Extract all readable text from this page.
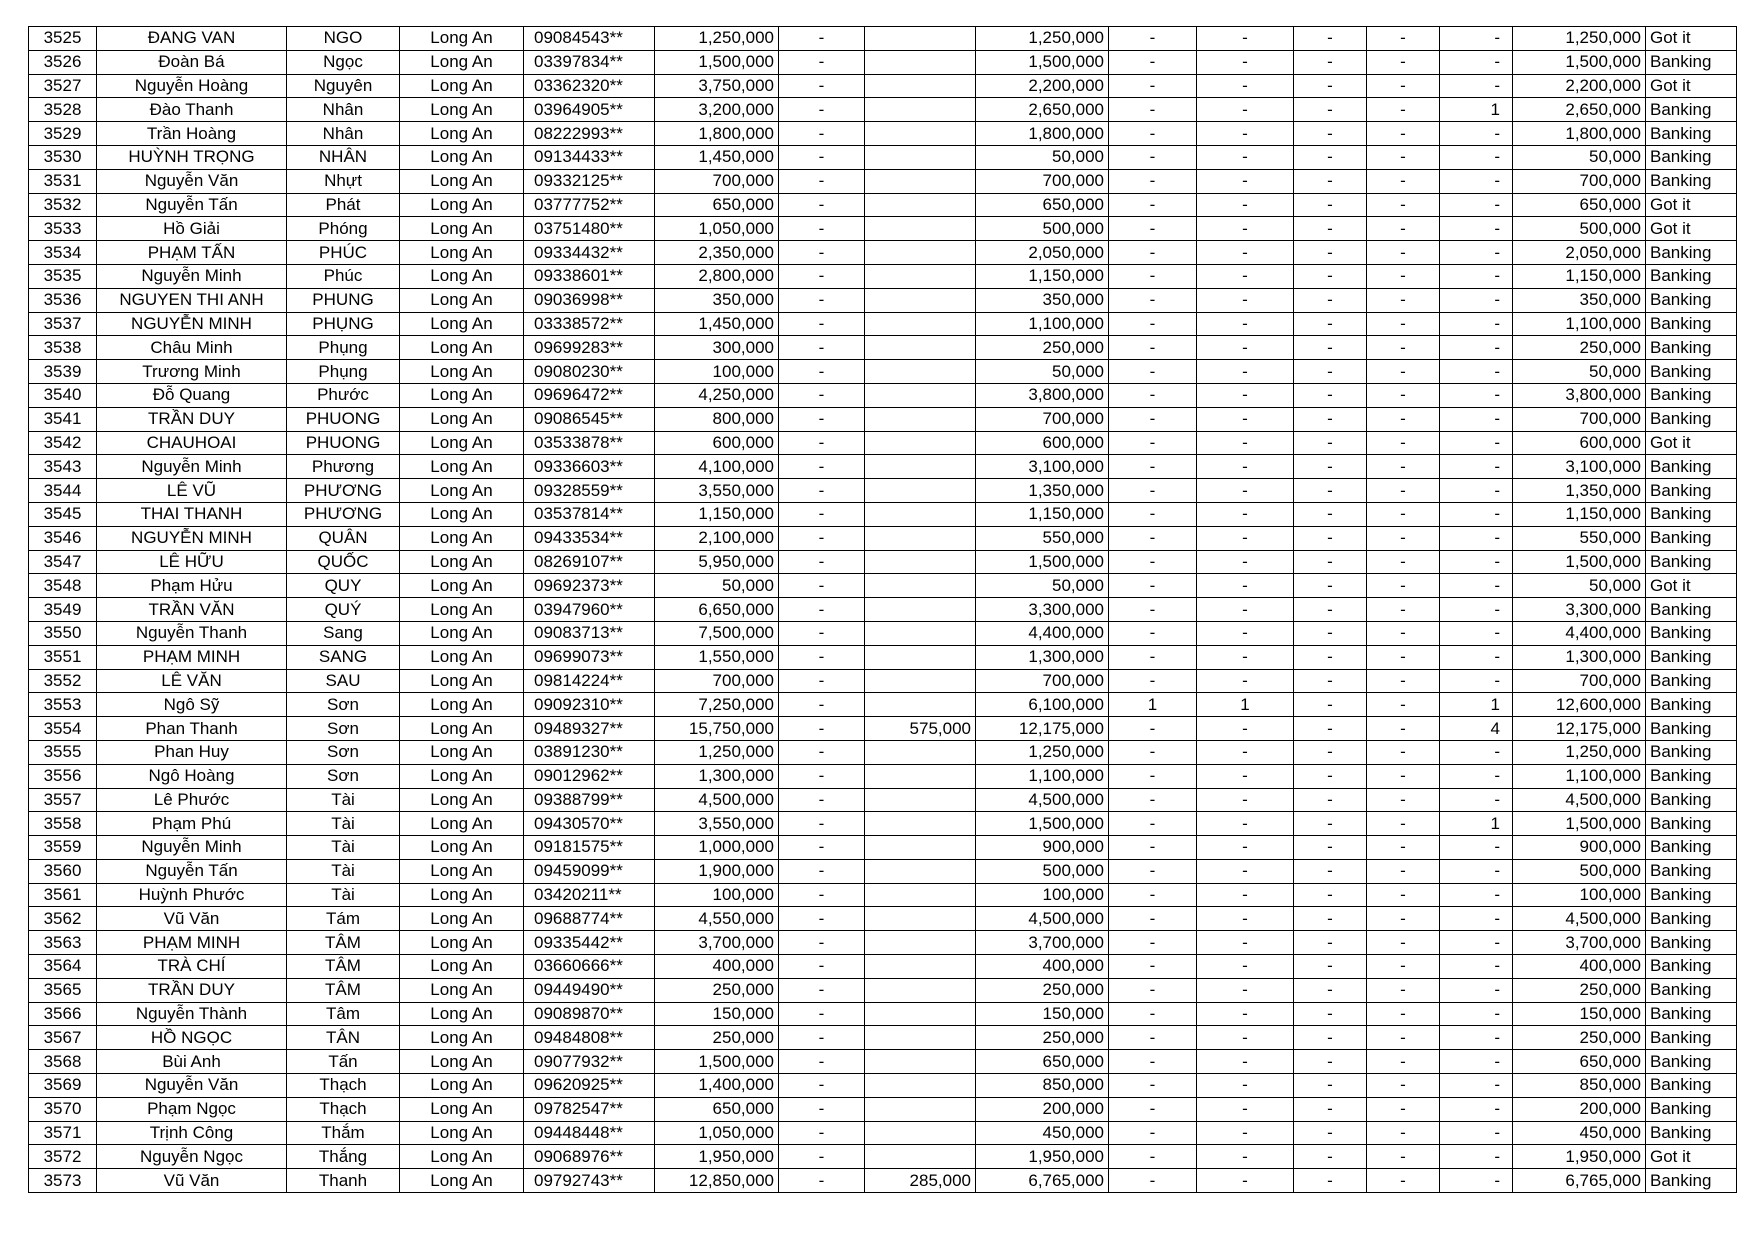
3525	ĐANG VAN	NGO	Long An	09084543**	1,250,000	-		1,250,000	-	-	-	-	-	1,250,000	Got it
3526	Đoàn Bá	Ngọc	Long An	03397834**	1,500,000	-		1,500,000	-	-	-	-	-	1,500,000	Banking
3527	Nguyễn Hoàng	Nguyên	Long An	03362320**	3,750,000	-		2,200,000	-	-	-	-	-	2,200,000	Got it
3528	Đào Thanh	Nhân	Long An	03964905**	3,200,000	-		2,650,000	-	-	-	-	1	2,650,000	Banking
3529	Trần Hoàng	Nhân	Long An	08222993**	1,800,000	-		1,800,000	-	-	-	-	-	1,800,000	Banking
3530	HUỲNH TRỌNG	NHÂN	Long An	09134433**	1,450,000	-		50,000	-	-	-	-	-	50,000	Banking
3531	Nguyễn Văn	Nhựt	Long An	09332125**	700,000	-		700,000	-	-	-	-	-	700,000	Banking
3532	Nguyễn Tấn	Phát	Long An	03777752**	650,000	-		650,000	-	-	-	-	-	650,000	Got it
3533	Hồ Giải	Phóng	Long An	03751480**	1,050,000	-		500,000	-	-	-	-	-	500,000	Got it
3534	PHẠM TẤN	PHÚC	Long An	09334432**	2,350,000	-		2,050,000	-	-	-	-	-	2,050,000	Banking
3535	Nguyễn Minh	Phúc	Long An	09338601**	2,800,000	-		1,150,000	-	-	-	-	-	1,150,000	Banking
3536	NGUYEN THI ANH	PHUNG	Long An	09036998**	350,000	-		350,000	-	-	-	-	-	350,000	Banking
3537	NGUYỄN MINH	PHỤNG	Long An	03338572**	1,450,000	-		1,100,000	-	-	-	-	-	1,100,000	Banking
3538	Châu Minh	Phụng	Long An	09699283**	300,000	-		250,000	-	-	-	-	-	250,000	Banking
3539	Trương Minh	Phụng	Long An	09080230**	100,000	-		50,000	-	-	-	-	-	50,000	Banking
3540	Đỗ Quang	Phước	Long An	09696472**	4,250,000	-		3,800,000	-	-	-	-	-	3,800,000	Banking
3541	TRẦN DUY	PHUONG	Long An	09086545**	800,000	-		700,000	-	-	-	-	-	700,000	Banking
3542	CHAUHOAI	PHUONG	Long An	03533878**	600,000	-		600,000	-	-	-	-	-	600,000	Got it
3543	Nguyễn Minh	Phương	Long An	09336603**	4,100,000	-		3,100,000	-	-	-	-	-	3,100,000	Banking
3544	LÊ VŨ	PHƯƠNG	Long An	09328559**	3,550,000	-		1,350,000	-	-	-	-	-	1,350,000	Banking
3545	THAI THANH	PHƯƠNG	Long An	03537814**	1,150,000	-		1,150,000	-	-	-	-	-	1,150,000	Banking
3546	NGUYỄN MINH	QUÂN	Long An	09433534**	2,100,000	-		550,000	-	-	-	-	-	550,000	Banking
3547	LÊ HỮU	QUỐC	Long An	08269107**	5,950,000	-		1,500,000	-	-	-	-	-	1,500,000	Banking
3548	Phạm Hửu	QUY	Long An	09692373**	50,000	-		50,000	-	-	-	-	-	50,000	Got it
3549	TRẦN VĂN	QUÝ	Long An	03947960**	6,650,000	-		3,300,000	-	-	-	-	-	3,300,000	Banking
3550	Nguyễn Thanh	Sang	Long An	09083713**	7,500,000	-		4,400,000	-	-	-	-	-	4,400,000	Banking
3551	PHẠM MINH	SANG	Long An	09699073**	1,550,000	-		1,300,000	-	-	-	-	-	1,300,000	Banking
3552	LÊ VĂN	SAU	Long An	09814224**	700,000	-		700,000	-	-	-	-	-	700,000	Banking
3553	Ngô Sỹ	Sơn	Long An	09092310**	7,250,000	-		6,100,000	1	1	-	-	1	12,600,000	Banking
3554	Phan Thanh	Sơn	Long An	09489327**	15,750,000	-	575,000	12,175,000	-	-	-	-	4	12,175,000	Banking
3555	Phan Huy	Sơn	Long An	03891230**	1,250,000	-		1,250,000	-	-	-	-	-	1,250,000	Banking
3556	Ngô Hoàng	Sơn	Long An	09012962**	1,300,000	-		1,100,000	-	-	-	-	-	1,100,000	Banking
3557	Lê Phước	Tài	Long An	09388799**	4,500,000	-		4,500,000	-	-	-	-	-	4,500,000	Banking
3558	Phạm Phú	Tài	Long An	09430570**	3,550,000	-		1,500,000	-	-	-	-	1	1,500,000	Banking
3559	Nguyễn Minh	Tài	Long An	09181575**	1,000,000	-		900,000	-	-	-	-	-	900,000	Banking
3560	Nguyễn Tấn	Tài	Long An	09459099**	1,900,000	-		500,000	-	-	-	-	-	500,000	Banking
3561	Huỳnh Phước	Tài	Long An	03420211**	100,000	-		100,000	-	-	-	-	-	100,000	Banking
3562	Vũ Văn	Tám	Long An	09688774**	4,550,000	-		4,500,000	-	-	-	-	-	4,500,000	Banking
3563	PHẠM MINH	TÂM	Long An	09335442**	3,700,000	-		3,700,000	-	-	-	-	-	3,700,000	Banking
3564	TRÀ CHÍ	TÂM	Long An	03660666**	400,000	-		400,000	-	-	-	-	-	400,000	Banking
3565	TRẦN DUY	TÂM	Long An	09449490**	250,000	-		250,000	-	-	-	-	-	250,000	Banking
3566	Nguyễn Thành	Tâm	Long An	09089870**	150,000	-		150,000	-	-	-	-	-	150,000	Banking
3567	HỒ NGỌC	TÂN	Long An	09484808**	250,000	-		250,000	-	-	-	-	-	250,000	Banking
3568	Bùi Anh	Tấn	Long An	09077932**	1,500,000	-		650,000	-	-	-	-	-	650,000	Banking
3569	Nguyễn Văn	Thạch	Long An	09620925**	1,400,000	-		850,000	-	-	-	-	-	850,000	Banking
3570	Phạm Ngọc	Thạch	Long An	09782547**	650,000	-		200,000	-	-	-	-	-	200,000	Banking
3571	Trịnh Công	Thắm	Long An	09448448**	1,050,000	-		450,000	-	-	-	-	-	450,000	Banking
3572	Nguyễn Ngọc	Thắng	Long An	09068976**	1,950,000	-		1,950,000	-	-	-	-	-	1,950,000	Got it
3573	Vũ Văn	Thanh	Long An	09792743**	12,850,000	-	285,000	6,765,000	-	-	-	-	-	6,765,000	Banking
